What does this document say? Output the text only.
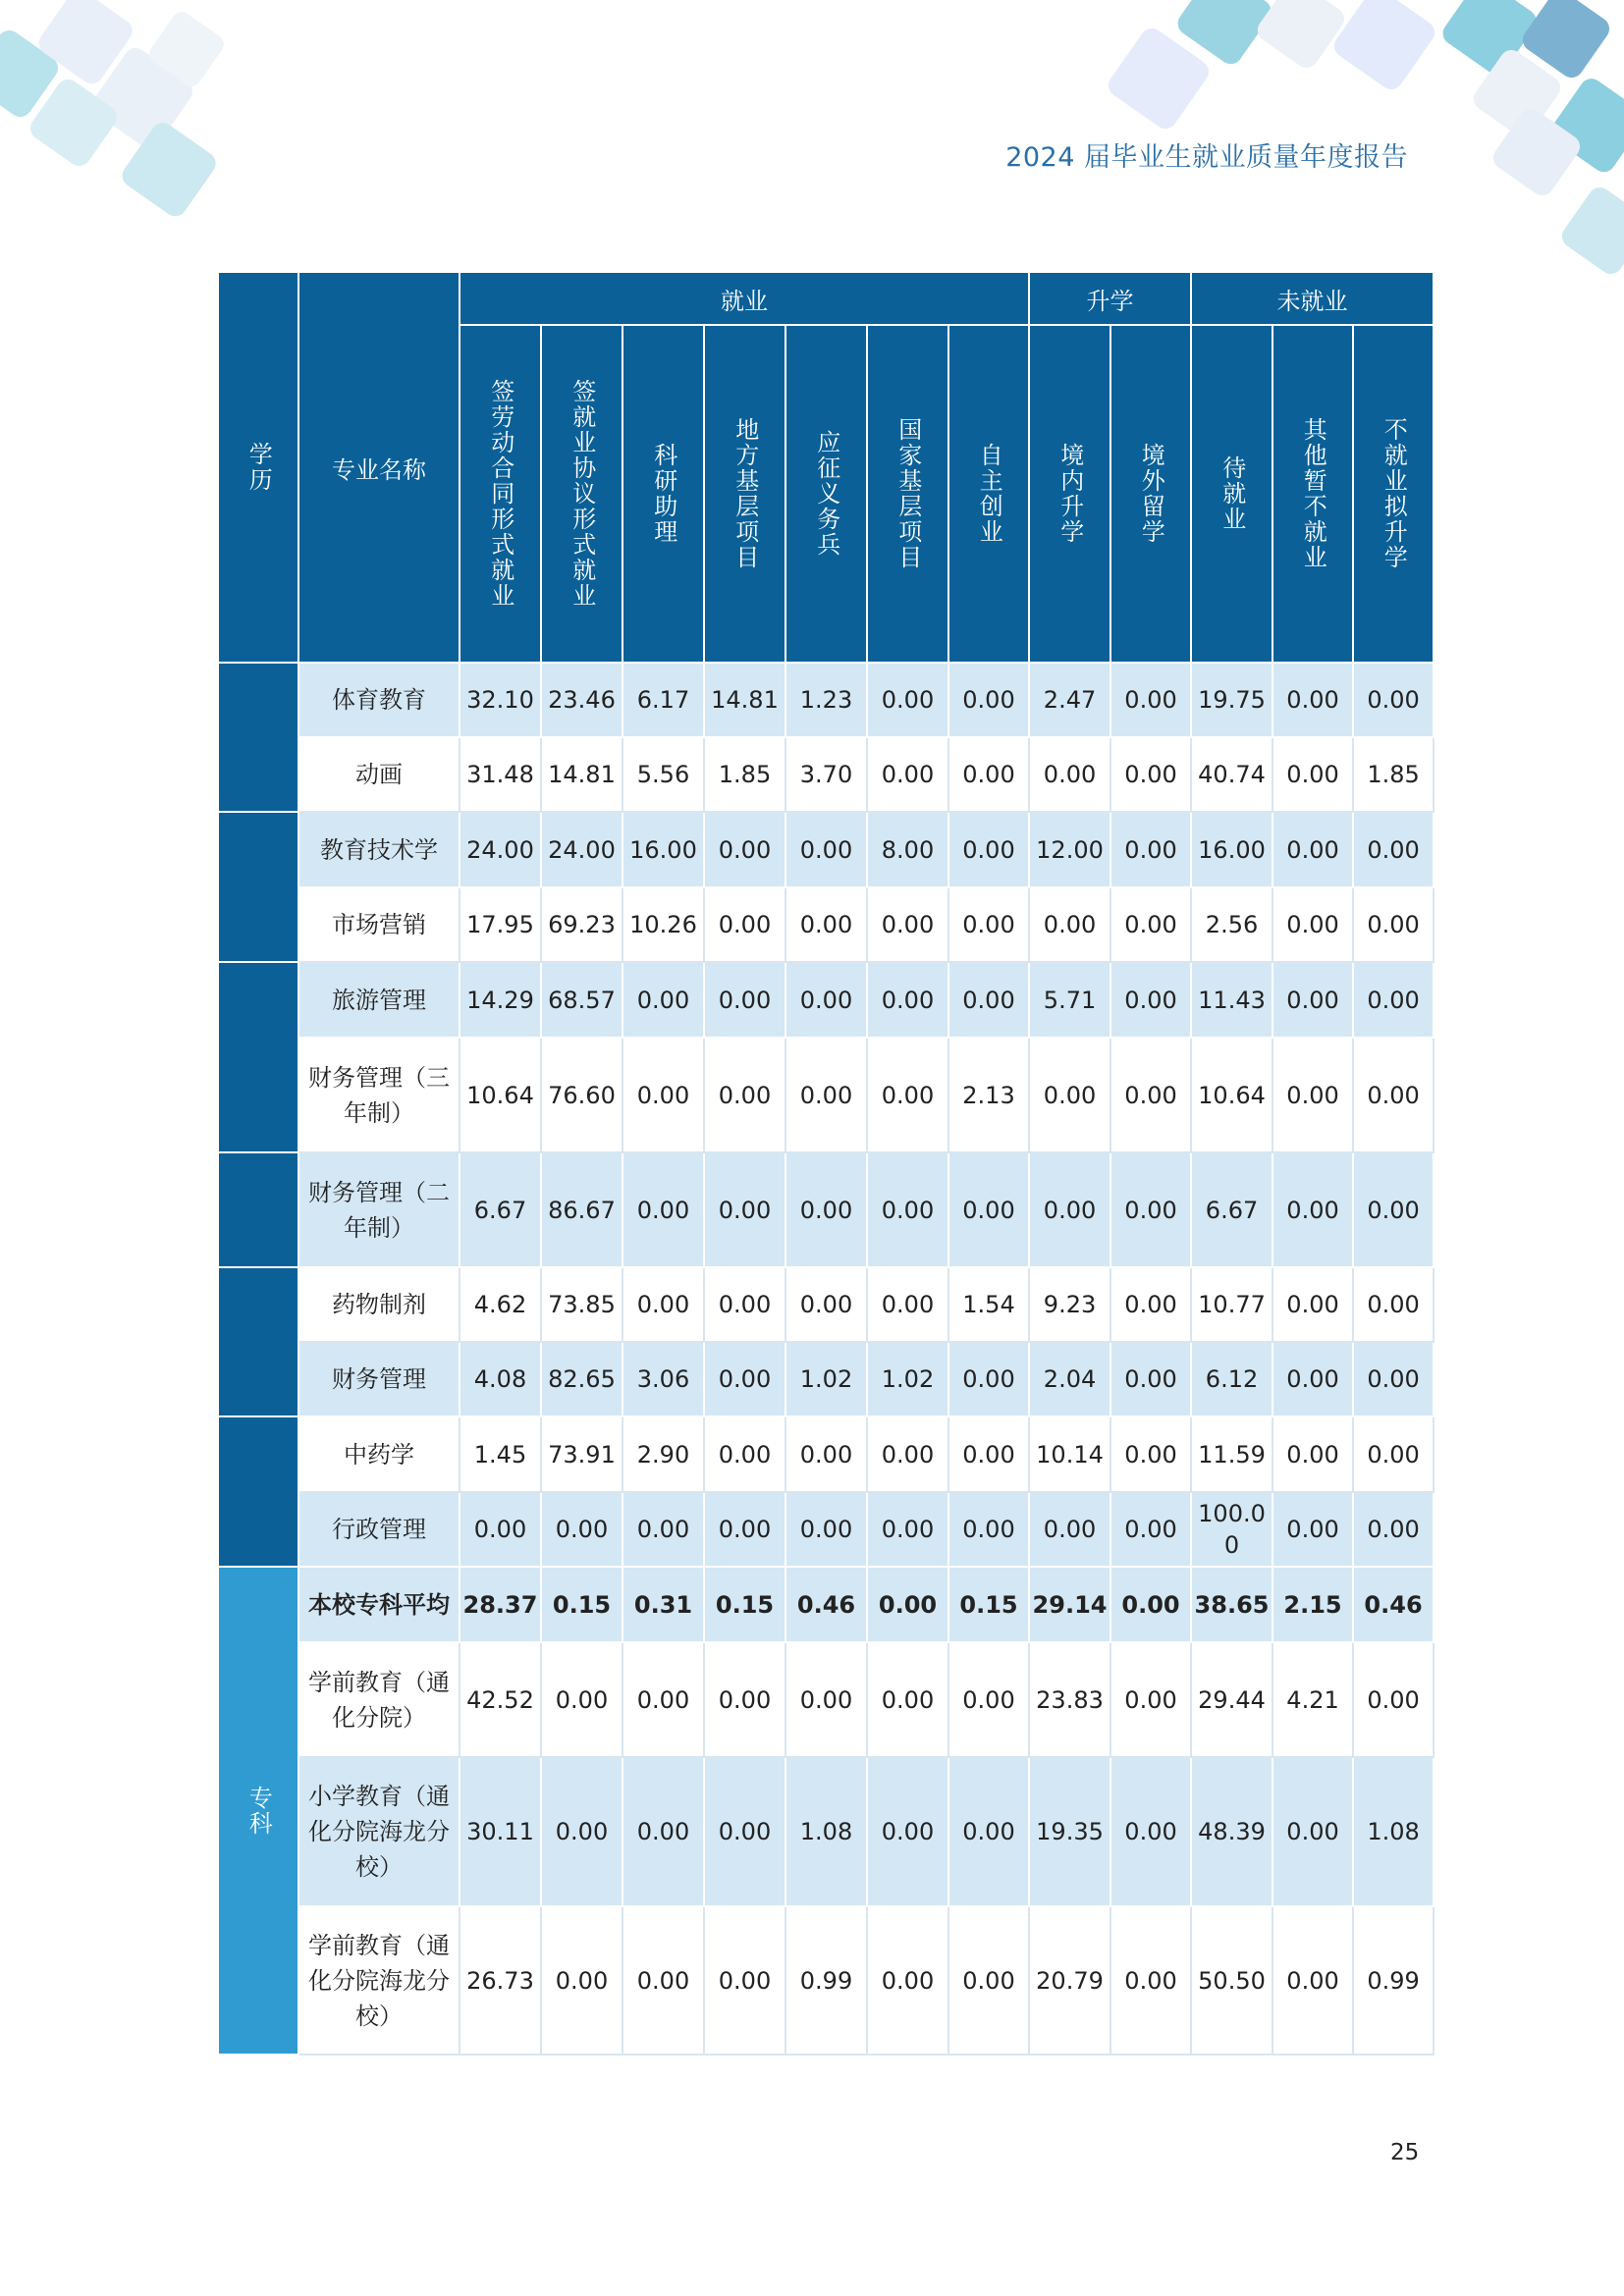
2024 届毕业生就业质量年度报告
学历	专业名称	就业							升学		未就业		

		签劳动合同形式就业	签就业协议形式就业	科研助理	地方基层项目	应征义务兵	国家基层项目	自主创业	境内升学	境外留学	待就业	其他暂不就业	不就业拟升学

	体育教育	32.10	23.46	6.17	14.81	1.23	0.00	0.00	2.47	0.00	19.75	0.00	0.00
	动画	31.48	14.81	5.56	1.85	3.70	0.00	0.00	0.00	0.00	40.74	0.00	1.85
	教育技术学	24.00	24.00	16.00	0.00	0.00	8.00	0.00	12.00	0.00	16.00	0.00	0.00
	市场营销	17.95	69.23	10.26	0.00	0.00	0.00	0.00	0.00	0.00	2.56	0.00	0.00
	旅游管理	14.29	68.57	0.00	0.00	0.00	0.00	0.00	5.71	0.00	11.43	0.00	0.00
	财务管理（三年制）	10.64	76.60	0.00	0.00	0.00	0.00	2.13	0.00	0.00	10.64	0.00	0.00
	财务管理（二年制）	6.67	86.67	0.00	0.00	0.00	0.00	0.00	0.00	0.00	6.67	0.00	0.00
	药物制剂	4.62	73.85	0.00	0.00	0.00	0.00	1.54	9.23	0.00	10.77	0.00	0.00
	财务管理	4.08	82.65	3.06	0.00	1.02	1.02	0.00	2.04	0.00	6.12	0.00	0.00
	中药学	1.45	73.91	2.90	0.00	0.00	0.00	0.00	10.14	0.00	11.59	0.00	0.00
	行政管理	0.00	0.00	0.00	0.00	0.00	0.00	0.00	0.00	0.00	100.00	0.00	0.00

专科	本校专科平均	28.37	0.15	0.31	0.15	0.46	0.00	0.15	29.14	0.00	38.65	2.15	0.46
	学前教育（通化分院）	42.52	0.00	0.00	0.00	0.00	0.00	0.00	23.83	0.00	29.44	4.21	0.00
	小学教育（通化分院海龙分校）	30.11	0.00	0.00	0.00	1.08	0.00	0.00	19.35	0.00	48.39	0.00	1.08
	学前教育（通化分院海龙分校）	26.73	0.00	0.00	0.00	0.99	0.00	0.00	20.79	0.00	50.50	0.00	0.99
25
